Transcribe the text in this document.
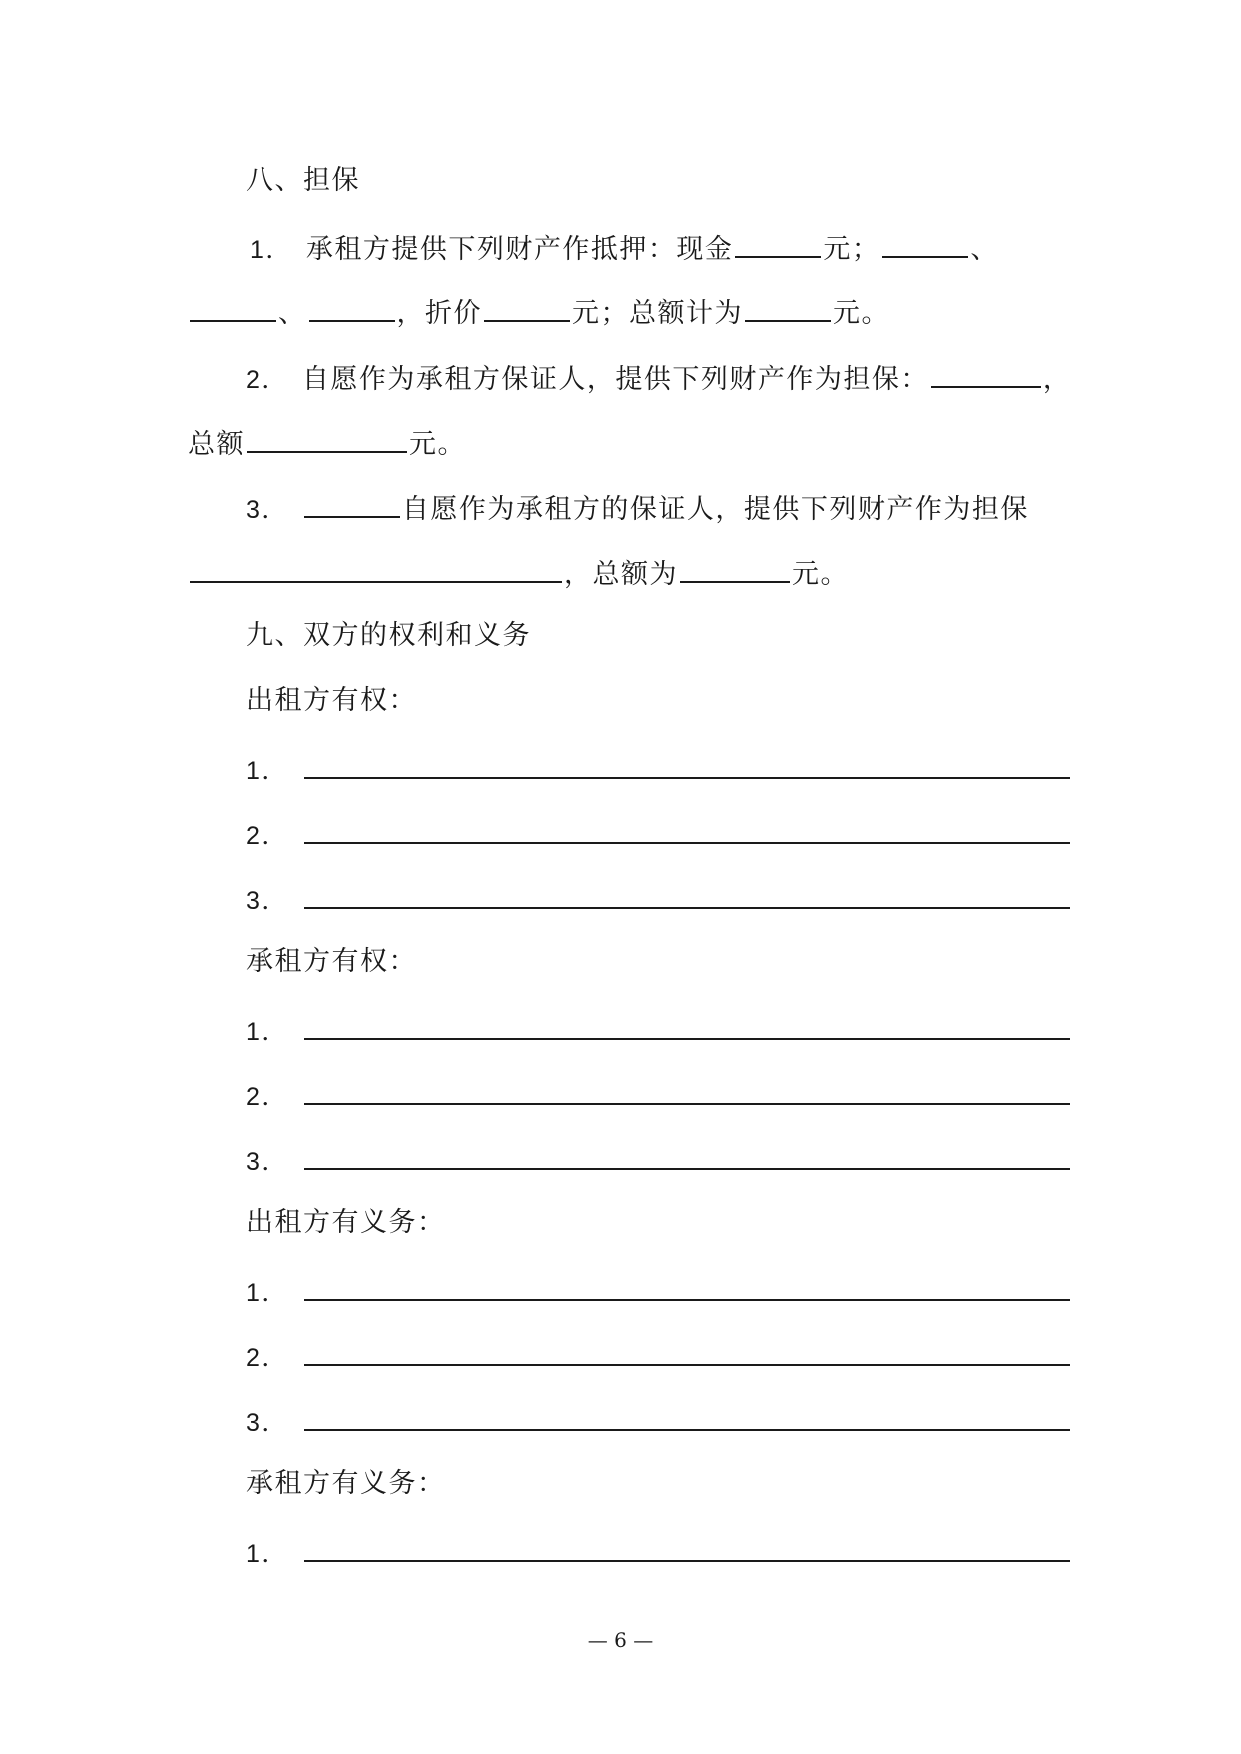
八、担保
1． 承租方提供下列财产作抵押：现金	元；	、
、	，折价	元；总额计为	元。
2． 自愿作为承租方保证人，提供下列财产作为担保：	，
总额	元。
3．	自愿作为承租方的保证人，提供下列财产作为担保
，总额为	元。
九、双方的权利和义务
出租方有权：
1．
2．
3．
承租方有权：
1．
2．
3．
出租方有义务：
1．
2．
3．
承租方有义务：
1．
— 6 —
